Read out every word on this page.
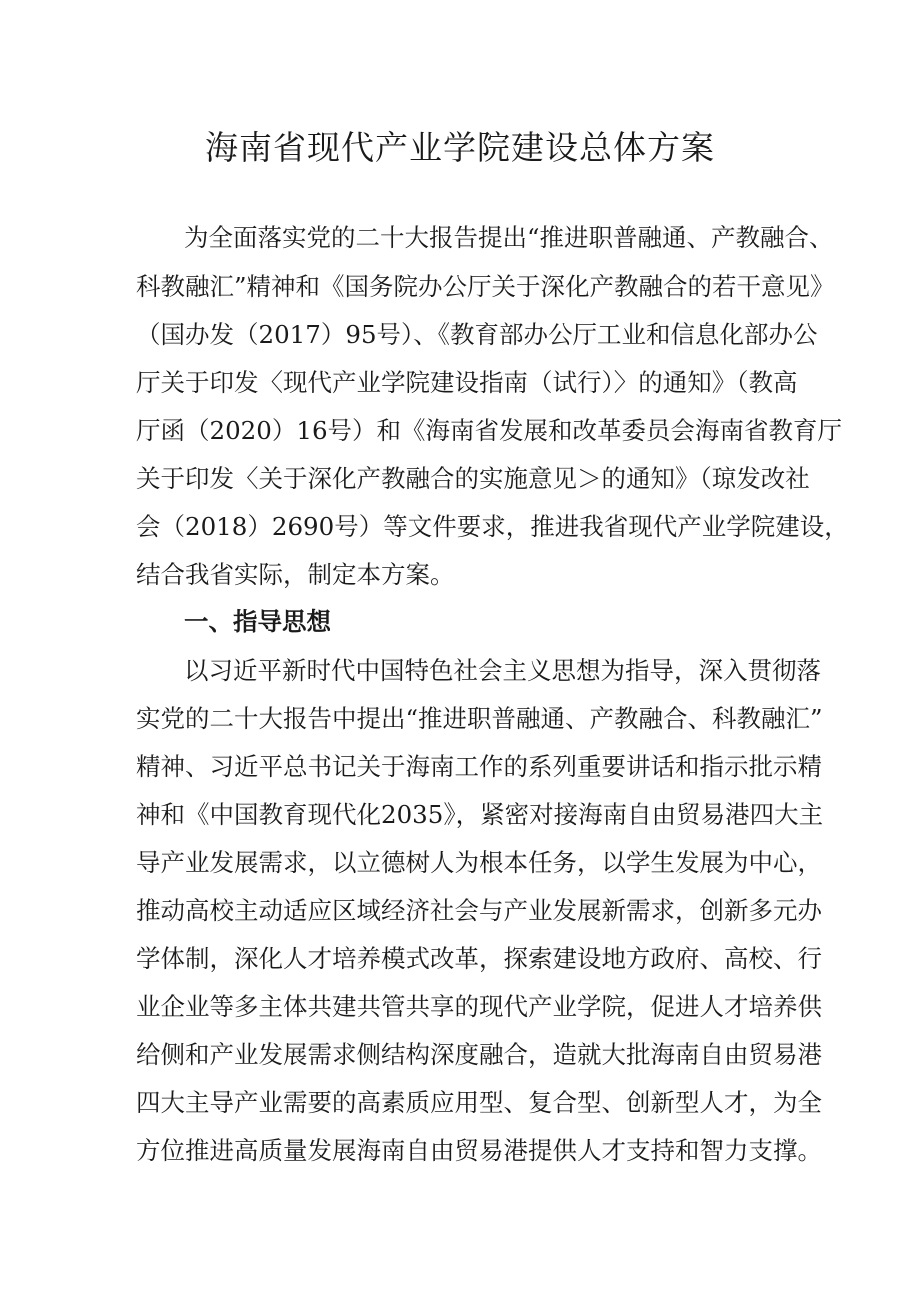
海南省现代产业学院建设总体方案

为全面落实党的二十大报告提出“推进职普融通、产教融合、

科教融汇”精神和《国务院办公厅关于深化产教融合的若干意见》

（国办发（2017）95号）、《教育部办公厅工业和信息化部办公

厅关于印发〈现代产业学院建设指南（试行）〉的通知》（教高

厅函（2020）16号）和《海南省发展和改革委员会海南省教育厅

关于印发〈关于深化产教融合的实施意见＞的通知》（琼发改社

会（2018）2690号）等文件要求，推进我省现代产业学院建设，

结合我省实际，制定本方案。

一、指导思想

以习近平新时代中国特色社会主义思想为指导，深入贯彻落

实党的二十大报告中提出“推进职普融通、产教融合、科教融汇”

精神、习近平总书记关于海南工作的系列重要讲话和指示批示精

神和《中国教育现代化2035》，紧密对接海南自由贸易港四大主

导产业发展需求，以立德树人为根本任务，以学生发展为中心，

推动高校主动适应区域经济社会与产业发展新需求，创新多元办

学体制，深化人才培养模式改革，探索建设地方政府、高校、行

业企业等多主体共建共管共享的现代产业学院，促进人才培养供

给侧和产业发展需求侧结构深度融合，造就大批海南自由贸易港

四大主导产业需要的高素质应用型、复合型、创新型人才，为全

方位推进高质量发展海南自由贸易港提供人才支持和智力支撑。
